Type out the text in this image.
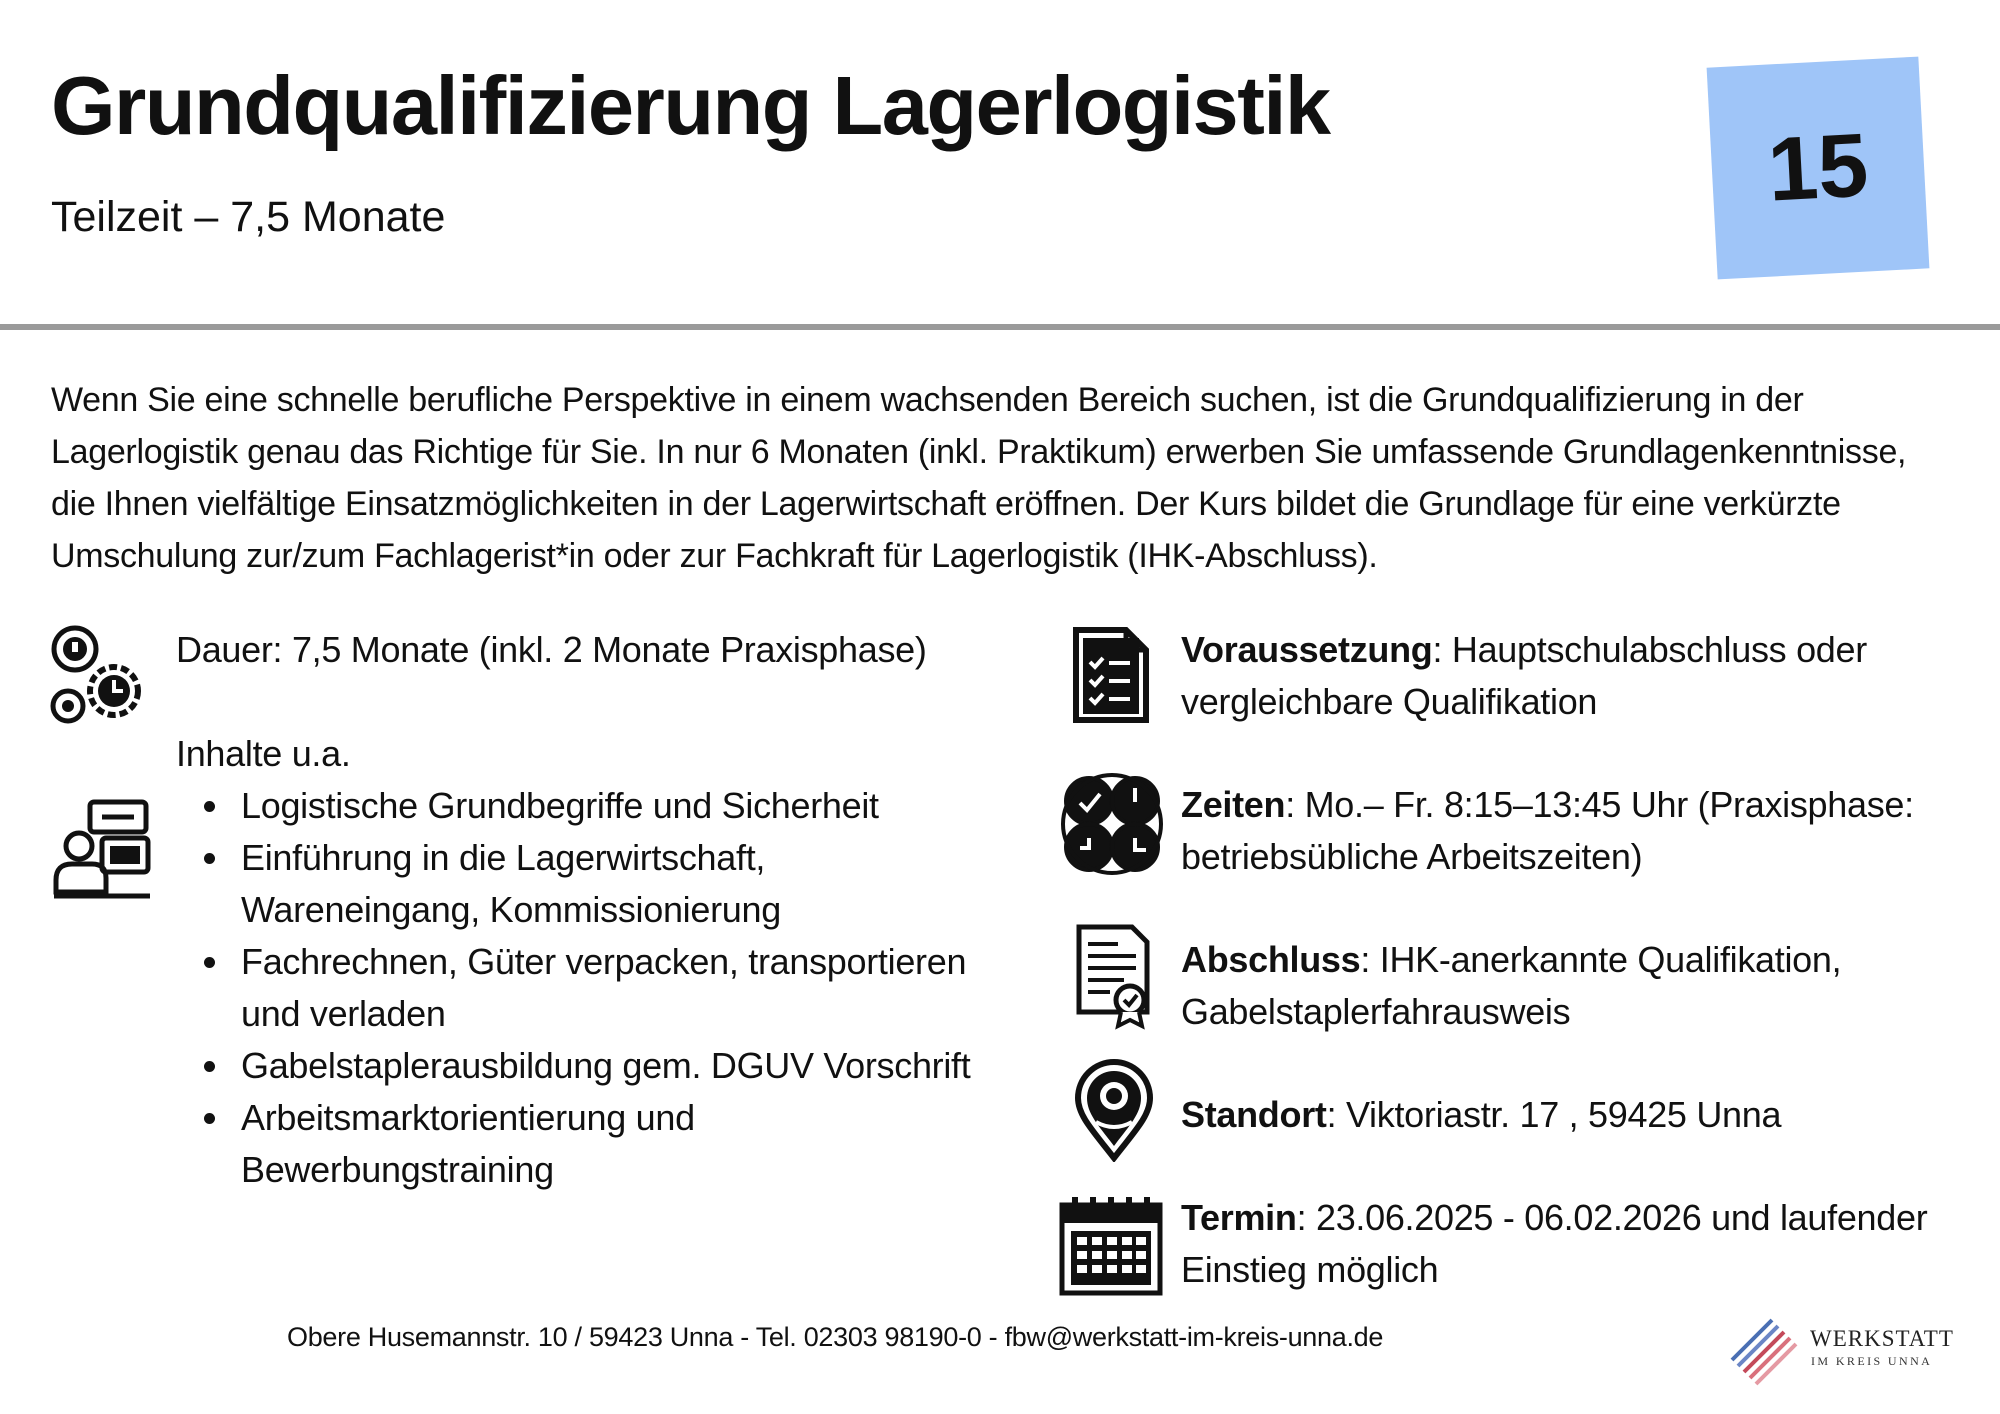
Grundqualifizierung Lagerlogistik
Teilzeit – 7,5 Monate	15
Wenn Sie eine schnelle berufliche Perspektive in einem wachsenden Bereich suchen, ist die Grundqualifizierung in der Lagerlogistik genau das Richtige für Sie. In nur 6 Monaten (inkl. Praktikum) erwerben Sie umfassende Grundlagenkenntnisse, die Ihnen vielfältige Einsatzmöglichkeiten in der Lagerwirtschaft eröffnen. Der Kurs bildet die Grundlage für eine verkürzte Umschulung zur/zum Fachlagerist*in oder zur Fachkraft für Lagerlogistik (IHK-Abschluss).
Dauer: 7,5 Monate (inkl. 2 Monate Praxisphase)
Inhalte u.a.
Logistische Grundbegriffe und Sicherheit
Einführung in die Lagerwirtschaft, Wareneingang, Kommissionierung
Fachrechnen, Güter verpacken, transportieren und verladen
Gabelstaplerausbildung gem. DGUV Vorschrift
Arbeitsmarktorientierung und Bewerbungstraining
Voraussetzung: Hauptschulabschluss oder vergleichbare Qualifikation
Zeiten: Mo.– Fr. 8:15–13:45 Uhr (Praxisphase: betriebsübliche Arbeitszeiten)
Abschluss: IHK-anerkannte Qualifikation, Gabelstaplerfahrausweis
Standort: Viktoriastr. 17 , 59425 Unna
Termin: 23.06.2025 - 06.02.2026 und laufender Einstieg möglich
Obere Husemannstr. 10 / 59423 Unna - Tel. 02303 98190-0 - fbw@werkstatt-im-kreis-unna.de	WERKSTATT
IM KREIS UNNA
